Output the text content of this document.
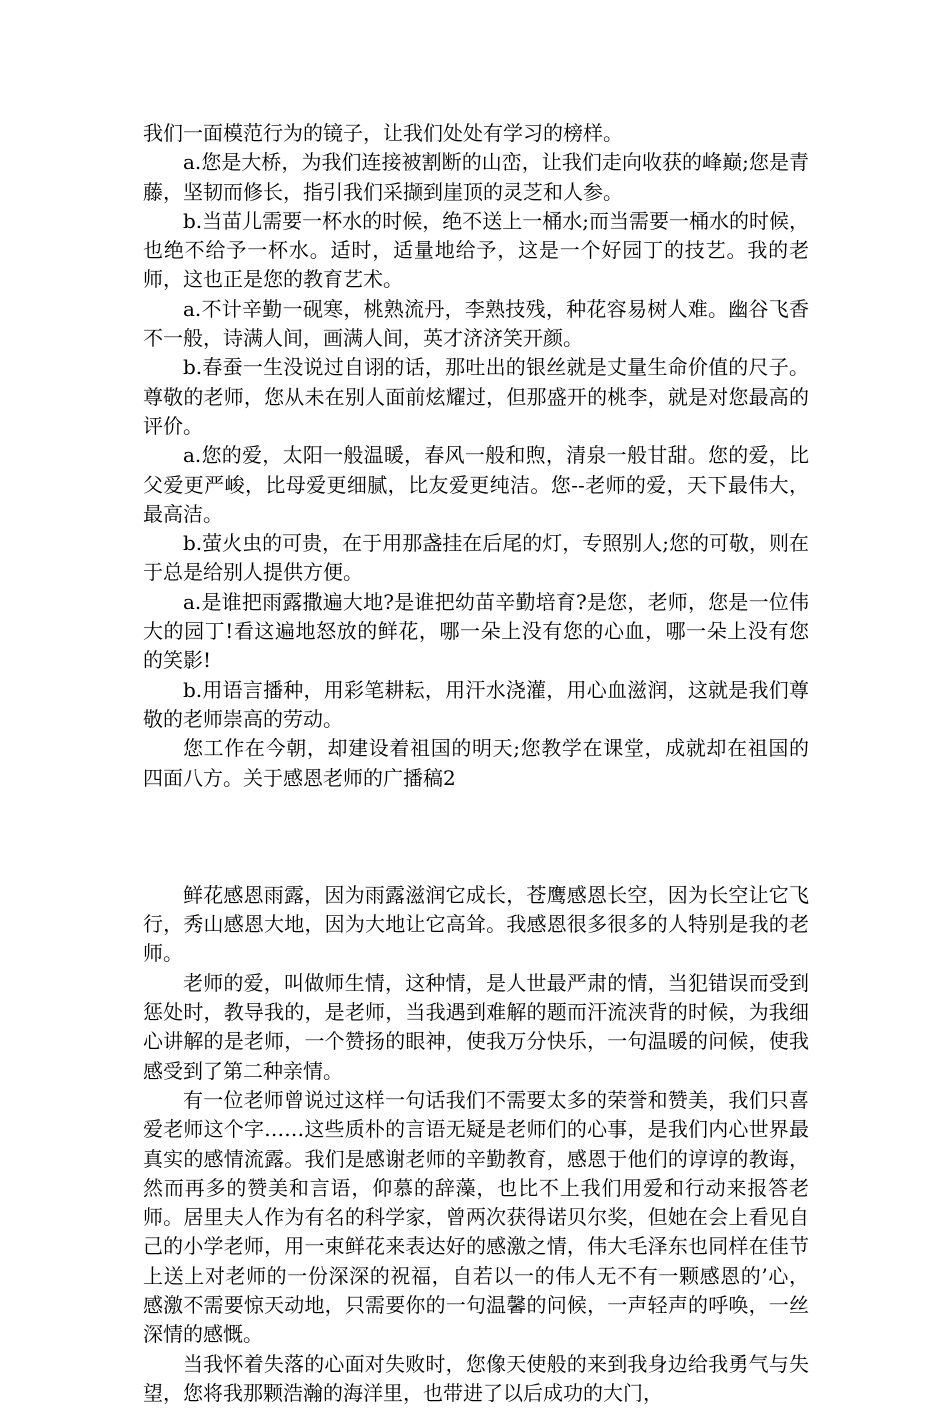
我们一面模范行为的镜子，让我们处处有学习的榜样。

a.您是大桥，为我们连接被割断的山峦，让我们走向收获的峰巅;您是青藤，坚韧而修长，指引我们采撷到崖顶的灵芝和人参。

b.当苗儿需要一杯水的时候，绝不送上一桶水;而当需要一桶水的时候，也绝不给予一杯水。适时，适量地给予，这是一个好园丁的技艺。我的老师，这也正是您的教育艺术。

a.不计辛勤一砚寒，桃熟流丹，李熟技残，种花容易树人难。幽谷飞香不一般，诗满人间，画满人间，英才济济笑开颜。

b.春蚕一生没说过自诩的话，那吐出的银丝就是丈量生命价值的尺子。尊敬的老师，您从未在别人面前炫耀过，但那盛开的桃李，就是对您最高的评价。

a.您的爱，太阳一般温暖，春风一般和煦，清泉一般甘甜。您的爱，比父爱更严峻，比母爱更细腻，比友爱更纯洁。您--老师的爱，天下最伟大，最高洁。

b.萤火虫的可贵，在于用那盏挂在后尾的灯，专照别人;您的可敬，则在于总是给别人提供方便。

a.是谁把雨露撒遍大地?是谁把幼苗辛勤培育?是您，老师，您是一位伟大的园丁!看这遍地怒放的鲜花，哪一朵上没有您的心血，哪一朵上没有您的笑影!

b.用语言播种，用彩笔耕耘，用汗水浇灌，用心血滋润，这就是我们尊敬的老师崇高的劳动。

您工作在今朝，却建设着祖国的明天;您教学在课堂，成就却在祖国的四面八方。关于感恩老师的广播稿2

鲜花感恩雨露，因为雨露滋润它成长，苍鹰感恩长空，因为长空让它飞行，秀山感恩大地，因为大地让它高耸。我感恩很多很多的人特别是我的老师。

老师的爱，叫做师生情，这种情，是人世最严肃的情，当犯错误而受到惩处时，教导我的，是老师，当我遇到难解的题而汗流浃背的时候，为我细心讲解的是老师，一个赞扬的眼神，使我万分快乐，一句温暖的问候，使我感受到了第二种亲情。

有一位老师曾说过这样一句话我们不需要太多的荣誉和赞美，我们只喜爱老师这个字……这些质朴的言语无疑是老师们的心事，是我们内心世界最真实的感情流露。我们是感谢老师的辛勤教育，感恩于他们的谆谆的教诲，然而再多的赞美和言语，仰慕的辞藻，也比不上我们用爱和行动来报答老师。居里夫人作为有名的科学家，曾两次获得诺贝尔奖，但她在会上看见自己的小学老师，用一束鲜花来表达好的感激之情，伟大毛泽东也同样在佳节上送上对老师的一份深深的祝福，自若以一的伟人无不有一颗感恩的’心，感激不需要惊天动地，只需要你的一句温馨的问候，一声轻声的呼唤，一丝深情的感慨。

当我怀着失落的心面对失败时，您像天使般的来到我身边给我勇气与失望，您将我那颗浩瀚的海洋里，也带进了以后成功的大门，
